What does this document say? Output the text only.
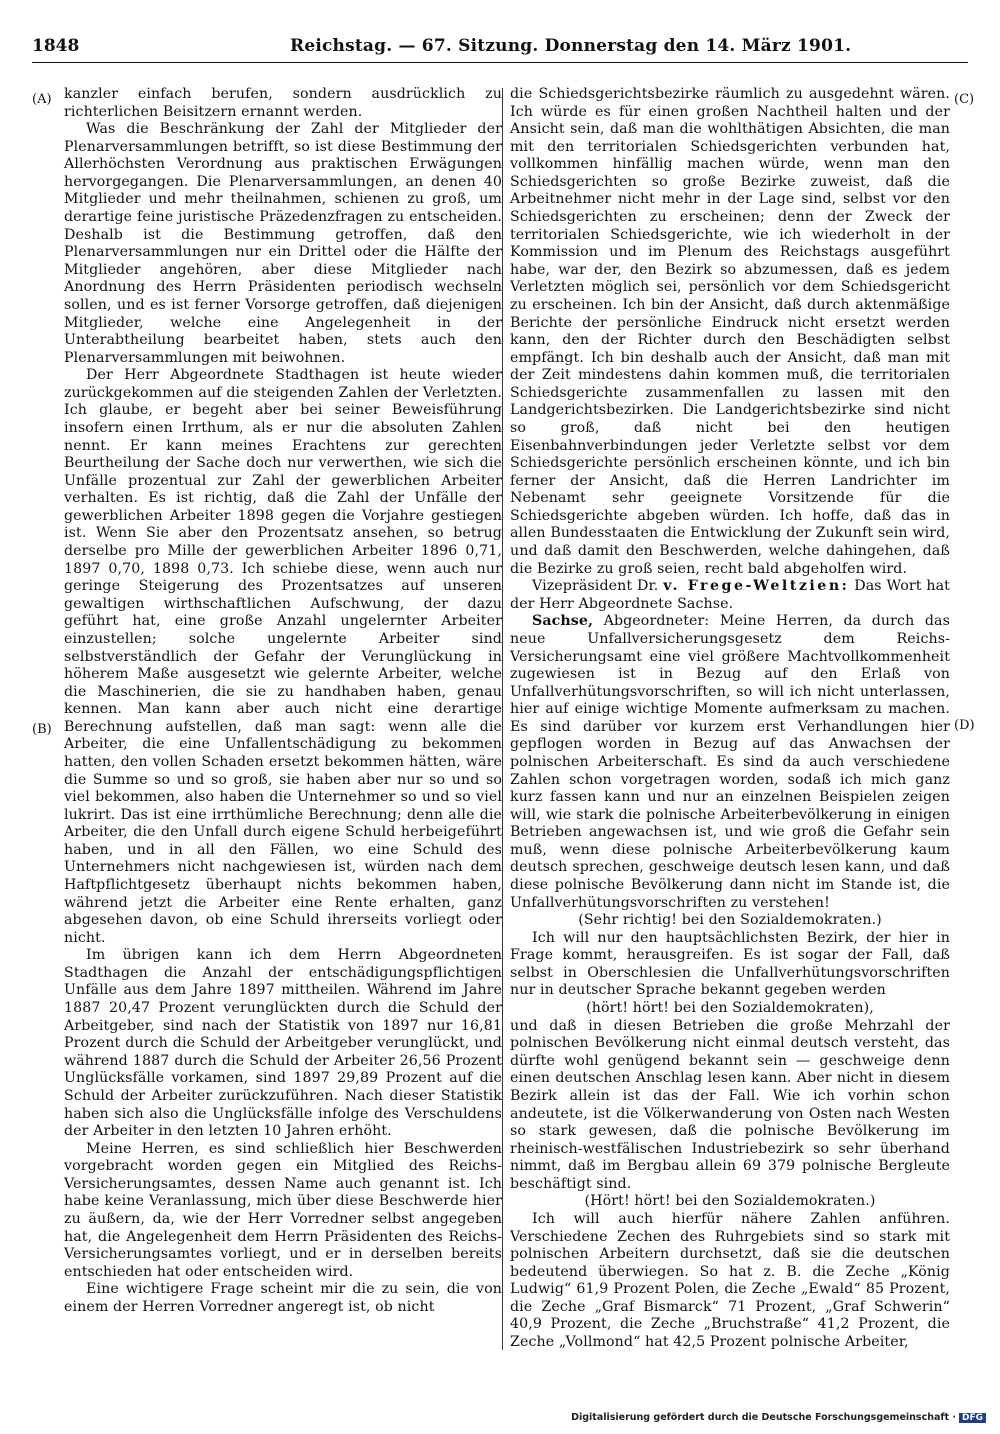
1848	Reichstag. — 67. Sitzung. Donnerstag den 14. März 1901.
(A)
(B)
(C)
(D)

kanzler einfach berufen, sondern ausdrücklich zu richterlichen Beisitzern ernannt werden.

Was die Beschränkung der Zahl der Mitglieder der Plenarversammlungen betrifft, so ist diese Bestimmung der Allerhöchsten Verordnung aus praktischen Erwägungen hervorgegangen. Die Plenarversammlungen, an denen 40 Mitglieder und mehr theilnahmen, schienen zu groß, um derartige feine juristische Präzedenzfragen zu entscheiden. Deshalb ist die Bestimmung getroffen, daß den Plenarversammlungen nur ein Drittel oder die Hälfte der Mitglieder angehören, aber diese Mitglieder nach Anordnung des Herrn Präsidenten periodisch wechseln sollen, und es ist ferner Vorsorge getroffen, daß diejenigen Mitglieder, welche eine Angelegenheit in der Unterabtheilung bearbeitet haben, stets auch den Plenarversammlungen mit beiwohnen.

Der Herr Abgeordnete Stadthagen ist heute wieder zurückgekommen auf die steigenden Zahlen der Verletzten. Ich glaube, er begeht aber bei seiner Beweisführung insofern einen Irrthum, als er nur die absoluten Zahlen nennt. Er kann meines Erachtens zur gerechten Beurtheilung der Sache doch nur verwerthen, wie sich die Unfälle prozentual zur Zahl der gewerblichen Arbeiter verhalten. Es ist richtig, daß die Zahl der Unfälle der gewerblichen Arbeiter 1898 gegen die Vorjahre gestiegen ist. Wenn Sie aber den Prozentsatz ansehen, so betrug derselbe pro Mille der gewerblichen Arbeiter 1896 0,71, 1897 0,70, 1898 0,73. Ich schiebe diese, wenn auch nur geringe Steigerung des Prozentsatzes auf unseren gewaltigen wirthschaftlichen Aufschwung, der dazu geführt hat, eine große Anzahl ungelernter Arbeiter einzustellen; solche ungelernte Arbeiter sind selbstverständlich der Gefahr der Verunglückung in höherem Maße ausgesetzt wie gelernte Arbeiter, welche die Maschinerien, die sie zu handhaben haben, genau kennen. Man kann aber auch nicht eine derartige Berechnung aufstellen, daß man sagt: wenn alle die Arbeiter, die eine Unfallentschädigung zu bekommen hatten, den vollen Schaden ersetzt bekommen hätten, wäre die Summe so und so groß, sie haben aber nur so und so viel bekommen, also haben die Unternehmer so und so viel lukrirt. Das ist eine irrthümliche Berechnung; denn alle die Arbeiter, die den Unfall durch eigene Schuld herbeigeführt haben, und in all den Fällen, wo eine Schuld des Unternehmers nicht nachgewiesen ist, würden nach dem Haftpflichtgesetz überhaupt nichts bekommen haben, während jetzt die Arbeiter eine Rente erhalten, ganz abgesehen davon, ob eine Schuld ihrerseits vorliegt oder nicht.

Im übrigen kann ich dem Herrn Abgeordneten Stadthagen die Anzahl der entschädigungspflichtigen Unfälle aus dem Jahre 1897 mittheilen. Während im Jahre 1887 20,47 Prozent verunglückten durch die Schuld der Arbeitgeber, sind nach der Statistik von 1897 nur 16,81 Prozent durch die Schuld der Arbeitgeber verunglückt, und während 1887 durch die Schuld der Arbeiter 26,56 Prozent Unglücksfälle vorkamen, sind 1897 29,89 Prozent auf die Schuld der Arbeiter zurückzuführen. Nach dieser Statistik haben sich also die Unglücksfälle infolge des Verschuldens der Arbeiter in den letzten 10 Jahren erhöht.

Meine Herren, es sind schließlich hier Beschwerden vorgebracht worden gegen ein Mitglied des Reichs-Versicherungsamtes, dessen Name auch genannt ist. Ich habe keine Veranlassung, mich über diese Beschwerde hier zu äußern, da, wie der Herr Vorredner selbst angegeben hat, die Angelegenheit dem Herrn Präsidenten des Reichs-Versicherungsamtes vorliegt, und er in derselben bereits entschieden hat oder entscheiden wird.

Eine wichtigere Frage scheint mir die zu sein, die von einem der Herren Vorredner angeregt ist, ob nicht

die Schiedsgerichtsbezirke räumlich zu ausgedehnt wären. Ich würde es für einen großen Nachtheil halten und der Ansicht sein, daß man die wohlthätigen Absichten, die man mit den territorialen Schiedsgerichten verbunden hat, vollkommen hinfällig machen würde, wenn man den Schiedsgerichten so große Bezirke zuweist, daß die Arbeitnehmer nicht mehr in der Lage sind, selbst vor den Schiedsgerichten zu erscheinen; denn der Zweck der territorialen Schiedsgerichte, wie ich wiederholt in der Kommission und im Plenum des Reichstags ausgeführt habe, war der, den Bezirk so abzumessen, daß es jedem Verletzten möglich sei, persönlich vor dem Schiedsgericht zu erscheinen. Ich bin der Ansicht, daß durch aktenmäßige Berichte der persönliche Eindruck nicht ersetzt werden kann, den der Richter durch den Beschädigten selbst empfängt. Ich bin deshalb auch der Ansicht, daß man mit der Zeit mindestens dahin kommen muß, die territorialen Schiedsgerichte zusammenfallen zu lassen mit den Landgerichtsbezirken. Die Landgerichtsbezirke sind nicht so groß, daß nicht bei den heutigen Eisenbahnverbindungen jeder Verletzte selbst vor dem Schiedsgerichte persönlich erscheinen könnte, und ich bin ferner der Ansicht, daß die Herren Landrichter im Nebenamt sehr geeignete Vorsitzende für die Schiedsgerichte abgeben würden. Ich hoffe, daß das in allen Bundesstaaten die Entwicklung der Zukunft sein wird, und daß damit den Beschwerden, welche dahingehen, daß die Bezirke zu groß seien, recht bald abgeholfen wird.

Vizepräsident Dr. v. Frege-Weltzien: Das Wort hat der Herr Abgeordnete Sachse.

Sachse, Abgeordneter: Meine Herren, da durch das neue Unfallversicherungsgesetz dem Reichs-Versicherungsamt eine viel größere Machtvollkommenheit zugewiesen ist in Bezug auf den Erlaß von Unfallverhütungsvorschriften, so will ich nicht unterlassen, hier auf einige wichtige Momente aufmerksam zu machen. Es sind darüber vor kurzem erst Verhandlungen hier gepflogen worden in Bezug auf das Anwachsen der polnischen Arbeiterschaft. Es sind da auch verschiedene Zahlen schon vorgetragen worden, sodaß ich mich ganz kurz fassen kann und nur an einzelnen Beispielen zeigen will, wie stark die polnische Arbeiterbevölkerung in einigen Betrieben angewachsen ist, und wie groß die Gefahr sein muß, wenn diese polnische Arbeiterbevölkerung kaum deutsch sprechen, geschweige deutsch lesen kann, und daß diese polnische Bevölkerung dann nicht im Stande ist, die Unfallverhütungsvorschriften zu verstehen!

(Sehr richtig! bei den Sozialdemokraten.)

Ich will nur den hauptsächlichsten Bezirk, der hier in Frage kommt, herausgreifen. Es ist sogar der Fall, daß selbst in Oberschlesien die Unfallverhütungsvorschriften nur in deutscher Sprache bekannt gegeben werden

(hört! hört! bei den Sozialdemokraten),

und daß in diesen Betrieben die große Mehrzahl der polnischen Bevölkerung nicht einmal deutsch versteht, das dürfte wohl genügend bekannt sein — geschweige denn einen deutschen Anschlag lesen kann. Aber nicht in diesem Bezirk allein ist das der Fall. Wie ich vorhin schon andeutete, ist die Völkerwanderung von Osten nach Westen so stark gewesen, daß die polnische Bevölkerung im rheinisch-westfälischen Industriebezirk so sehr überhand nimmt, daß im Bergbau allein 69 379 polnische Bergleute beschäftigt sind.

(Hört! hört! bei den Sozialdemokraten.)

Ich will auch hierfür nähere Zahlen anführen. Verschiedene Zechen des Ruhrgebiets sind so stark mit polnischen Arbeitern durchsetzt, daß sie die deutschen bedeutend überwiegen. So hat z. B. die Zeche „König Ludwig“ 61,9 Prozent Polen, die Zeche „Ewald“ 85 Prozent, die Zeche „Graf Bismarck“ 71 Prozent, „Graf Schwerin“ 40,9 Prozent, die Zeche „Bruchstraße“ 41,2 Prozent, die Zeche „Vollmond“ hat 42,5 Prozent polnische Arbeiter,

Digitalisierung gefördert durch die Deutsche Forschungsgemeinschaft · DFG
